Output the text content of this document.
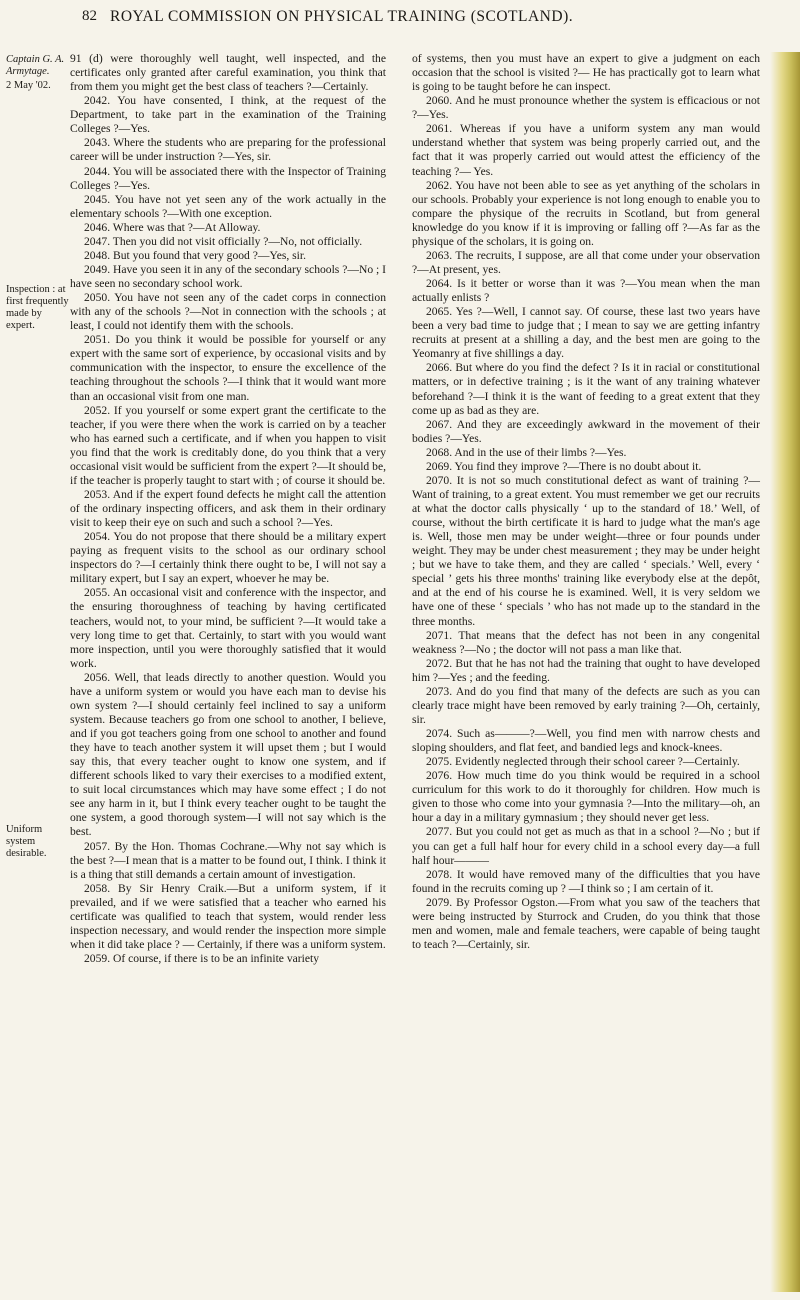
82 ROYAL COMMISSION ON PHYSICAL TRAINING (SCOTLAND).
Captain G. A. Armytage.
2 May '02.
Inspection : at first frequently made by expert.
Uniform system desirable.

91 (d) were thoroughly well taught, well inspected, and the certificates only granted after careful examination, you think that from them you might get the best class of teachers ?—Certainly.

2042. You have consented, I think, at the request of the Department, to take part in the examination of the Training Colleges ?—Yes.

2043. Where the students who are preparing for the professional career will be under instruction ?—Yes, sir.

2044. You will be associated there with the Inspector of Training Colleges ?—Yes.

2045. You have not yet seen any of the work actually in the elementary schools ?—With one exception.

2046. Where was that ?—At Alloway.

2047. Then you did not visit officially ?—No, not officially.

2048. But you found that very good ?—Yes, sir.

2049. Have you seen it in any of the secondary schools ?—No ; I have seen no secondary school work.

2050. You have not seen any of the cadet corps in connection with any of the schools ?—Not in connection with the schools ; at least, I could not identify them with the schools.

2051. Do you think it would be possible for yourself or any expert with the same sort of experience, by occasional visits and by communication with the inspector, to ensure the excellence of the teaching throughout the schools ?—I think that it would want more than an occasional visit from one man.

2052. If you yourself or some expert grant the certificate to the teacher, if you were there when the work is carried on by a teacher who has earned such a certificate, and if when you happen to visit you find that the work is creditably done, do you think that a very occasional visit would be sufficient from the expert ?—It should be, if the teacher is properly taught to start with ; of course it should be.

2053. And if the expert found defects he might call the attention of the ordinary inspecting officers, and ask them in their ordinary visit to keep their eye on such and such a school ?—Yes.

2054. You do not propose that there should be a military expert paying as frequent visits to the school as our ordinary school inspectors do ?—I certainly think there ought to be, I will not say a military expert, but I say an expert, whoever he may be.

2055. An occasional visit and conference with the inspector, and the ensuring thoroughness of teaching by having certificated teachers, would not, to your mind, be sufficient ?—It would take a very long time to get that. Certainly, to start with you would want more inspection, until you were thoroughly satisfied that it would work.

2056. Well, that leads directly to another question. Would you have a uniform system or would you have each man to devise his own system ?—I should certainly feel inclined to say a uniform system. Because teachers go from one school to another, I believe, and if you got teachers going from one school to another and found they have to teach another system it will upset them ; but I would say this, that every teacher ought to know one system, and if different schools liked to vary their exercises to a modified extent, to suit local circumstances which may have some effect ; I do not see any harm in it, but I think every teacher ought to be taught the one system, a good thorough system—I will not say which is the best.

2057. By the Hon. Thomas Cochrane.—Why not say which is the best ?—I mean that is a matter to be found out, I think. I think it is a thing that still demands a certain amount of investigation.

2058. By Sir Henry Craik.—But a uniform system, if it prevailed, and if we were satisfied that a teacher who earned his certificate was qualified to teach that system, would render less inspection necessary, and would render the inspection more simple when it did take place ? — Certainly, if there was a uniform system.

2059. Of course, if there is to be an infinite variety

of systems, then you must have an expert to give a judgment on each occasion that the school is visited ?— He has practically got to learn what is going to be taught before he can inspect.

2060. And he must pronounce whether the system is efficacious or not ?—Yes.

2061. Whereas if you have a uniform system any man would understand whether that system was being properly carried out, and the fact that it was properly carried out would attest the efficiency of the teaching ?— Yes.

2062. You have not been able to see as yet anything of the scholars in our schools. Probably your experience is not long enough to enable you to compare the physique of the recruits in Scotland, but from general knowledge do you know if it is improving or falling off ?—As far as the physique of the scholars, it is going on.

2063. The recruits, I suppose, are all that come under your observation ?—At present, yes.

2064. Is it better or worse than it was ?—You mean when the man actually enlists ?

2065. Yes ?—Well, I cannot say. Of course, these last two years have been a very bad time to judge that ; I mean to say we are getting infantry recruits at present at a shilling a day, and the best men are going to the Yeomanry at five shillings a day.

2066. But where do you find the defect ? Is it in racial or constitutional matters, or in defective training ; is it the want of any training whatever beforehand ?—I think it is the want of feeding to a great extent that they come up as bad as they are.

2067. And they are exceedingly awkward in the movement of their bodies ?—Yes.

2068. And in the use of their limbs ?—Yes.

2069. You find they improve ?—There is no doubt about it.

2070. It is not so much constitutional defect as want of training ?—Want of training, to a great extent. You must remember we get our recruits at what the doctor calls physically ‘ up to the standard of 18.’ Well, of course, without the birth certificate it is hard to judge what the man's age is. Well, those men may be under weight—three or four pounds under weight. They may be under chest measurement ; they may be under height ; but we have to take them, and they are called ‘ specials.’ Well, every ‘ special ’ gets his three months' training like everybody else at the depôt, and at the end of his course he is examined. Well, it is very seldom we have one of these ‘ specials ’ who has not made up to the standard in the three months.

2071. That means that the defect has not been in any congenital weakness ?—No ; the doctor will not pass a man like that.

2072. But that he has not had the training that ought to have developed him ?—Yes ; and the feeding.

2073. And do you find that many of the defects are such as you can clearly trace might have been removed by early training ?—Oh, certainly, sir.

2074. Such as———?—Well, you find men with narrow chests and sloping shoulders, and flat feet, and bandied legs and knock-knees.

2075. Evidently neglected through their school career ?—Certainly.

2076. How much time do you think would be required in a school curriculum for this work to do it thoroughly for children. How much is given to those who come into your gymnasia ?—Into the military—oh, an hour a day in a military gymnasium ; they should never get less.

2077. But you could not get as much as that in a school ?—No ; but if you can get a full half hour for every child in a school every day—a full half hour———

2078. It would have removed many of the difficulties that you have found in the recruits coming up ? —I think so ; I am certain of it.

2079. By Professor Ogston.—From what you saw of the teachers that were being instructed by Sturrock and Cruden, do you think that those men and women, male and female teachers, were capable of being taught to teach ?—Certainly, sir.
